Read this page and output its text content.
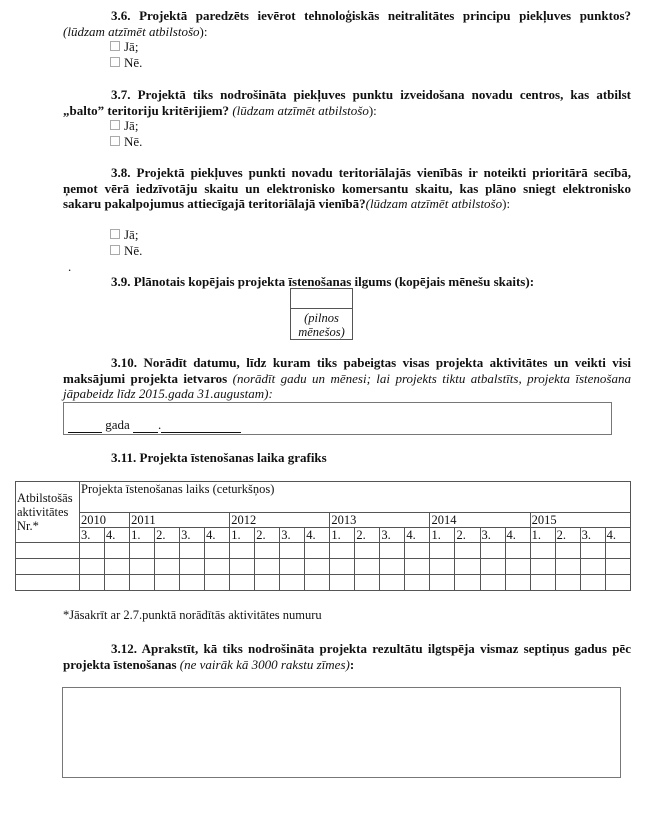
3.6. Projektā paredzēts ievērot tehnoloģiskās neitralitātes principu piekļuves punktos? (lūdzam atzīmēt atbilstošo):
Jā;
Nē.
3.7. Projektā tiks nodrošināta piekļuves punktu izveidošana novadu centros, kas atbilst „balto” teritoriju kritērijiem? (lūdzam atzīmēt atbilstošo):
Jā;
Nē.
3.8. Projektā piekļuves punkti novadu teritoriālajās vienībās ir noteikti prioritārā secībā, ņemot vērā iedzīvotāju skaitu un elektronisko komersantu skaitu, kas plāno sniegt elektronisko sakaru pakalpojumus attiecīgajā teritoriālajā vienībā?(lūdzam atzīmēt atbilstošo):
Jā;
Nē.
.
3.9. Plānotais kopējais projekta īstenošanas ilgums (kopējais mēnešu skaits):
(pilnos
mēnešos)
3.10. Norādīt datumu, līdz kuram tiks pabeigtas visas projekta aktivitātes un veikti visi maksājumi projekta ietvaros (norādīt gadu un mēnesi; lai projekts tiktu atbalstīts, projekta īstenošana jāpabeidz līdz 2015.gada 31.augustam):
gada .
3.11. Projekta īstenošanas laika grafiks
Atbilstošās aktivitātes Nr.*	Projekta īstenošanas laiks (ceturkšņos)																					
	2010		2011				2012				2013				2014				2015			
	3.	4.	1.	2.	3.	4.	1.	2.	3.	4.	1.	2.	3.	4.	1.	2.	3.	4.	1.	2.	3.	4.

*Jāsakrīt ar 2.7.punktā norādītās aktivitātes numuru
3.12. Aprakstīt, kā tiks nodrošināta projekta rezultātu ilgtspēja vismaz septiņus gadus pēc projekta īstenošanas (ne vairāk kā 3000 rakstu zīmes):
